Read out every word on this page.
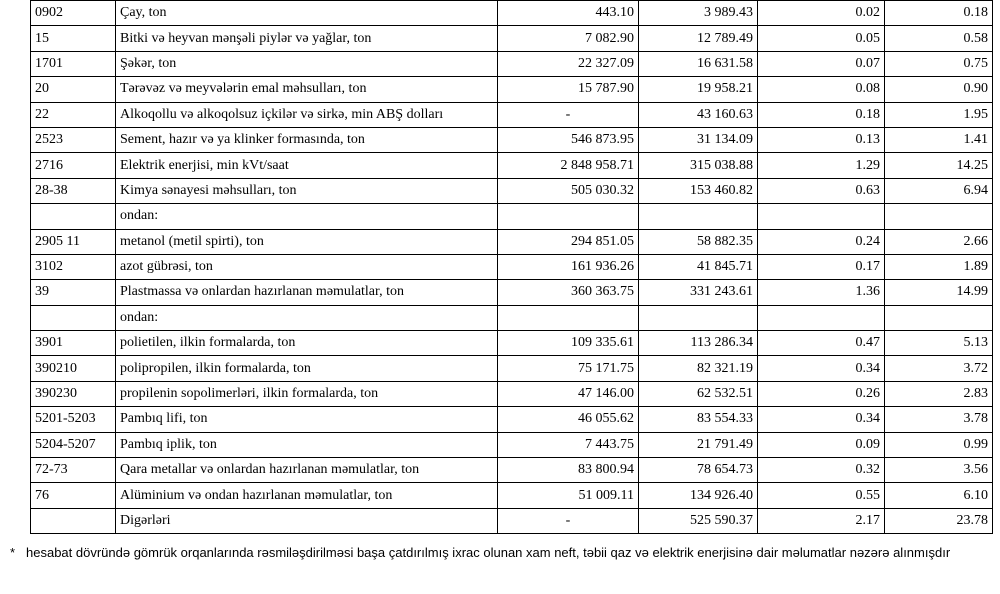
0902	Çay, ton	443.10	3 989.43	0.02	0.18
15	Bitki və heyvan mənşəli piylər və yağlar, ton	7 082.90	12 789.49	0.05	0.58
1701	Şəkər, ton	22 327.09	16 631.58	0.07	0.75
20	Tərəvəz və meyvələrin emal məhsulları, ton	15 787.90	19 958.21	0.08	0.90
22	Alkoqollu və alkoqolsuz içkilər və sirkə, min ABŞ dolları	-	43 160.63	0.18	1.95
2523	Sement, hazır və ya klinker formasında, ton	546 873.95	31 134.09	0.13	1.41
2716	Elektrik enerjisi, min kVt/saat	2 848 958.71	315 038.88	1.29	14.25
28-38	Kimya sənayesi məhsulları, ton	505 030.32	153 460.82	0.63	6.94
	ondan:				
2905 11	metanol (metil spirti), ton	294 851.05	58 882.35	0.24	2.66
3102	azot gübrəsi, ton	161 936.26	41 845.71	0.17	1.89
39	Plastmassa və onlardan hazırlanan məmulatlar, ton	360 363.75	331 243.61	1.36	14.99
	ondan:				
3901	polietilen, ilkin formalarda, ton	109 335.61	113 286.34	0.47	5.13
390210	polipropilen, ilkin formalarda, ton	75 171.75	82 321.19	0.34	3.72
390230	propilenin sopolimerləri, ilkin formalarda, ton	47 146.00	62 532.51	0.26	2.83
5201-5203	Pambıq lifi, ton	46 055.62	83 554.33	0.34	3.78
5204-5207	Pambıq iplik, ton	7 443.75	21 791.49	0.09	0.99
72-73	Qara metallar və onlardan hazırlanan məmulatlar, ton	83 800.94	78 654.73	0.32	3.56
76	Alüminium və ondan hazırlanan məmulatlar, ton	51 009.11	134 926.40	0.55	6.10
	Digərləri	-	525 590.37	2.17	23.78

* hesabat dövründə gömrük orqanlarında rəsmiləşdirilməsi başa çatdırılmış ixrac olunan xam neft, təbii qaz və elektrik enerjisinə dair məlumatlar nəzərə alınmışdır
